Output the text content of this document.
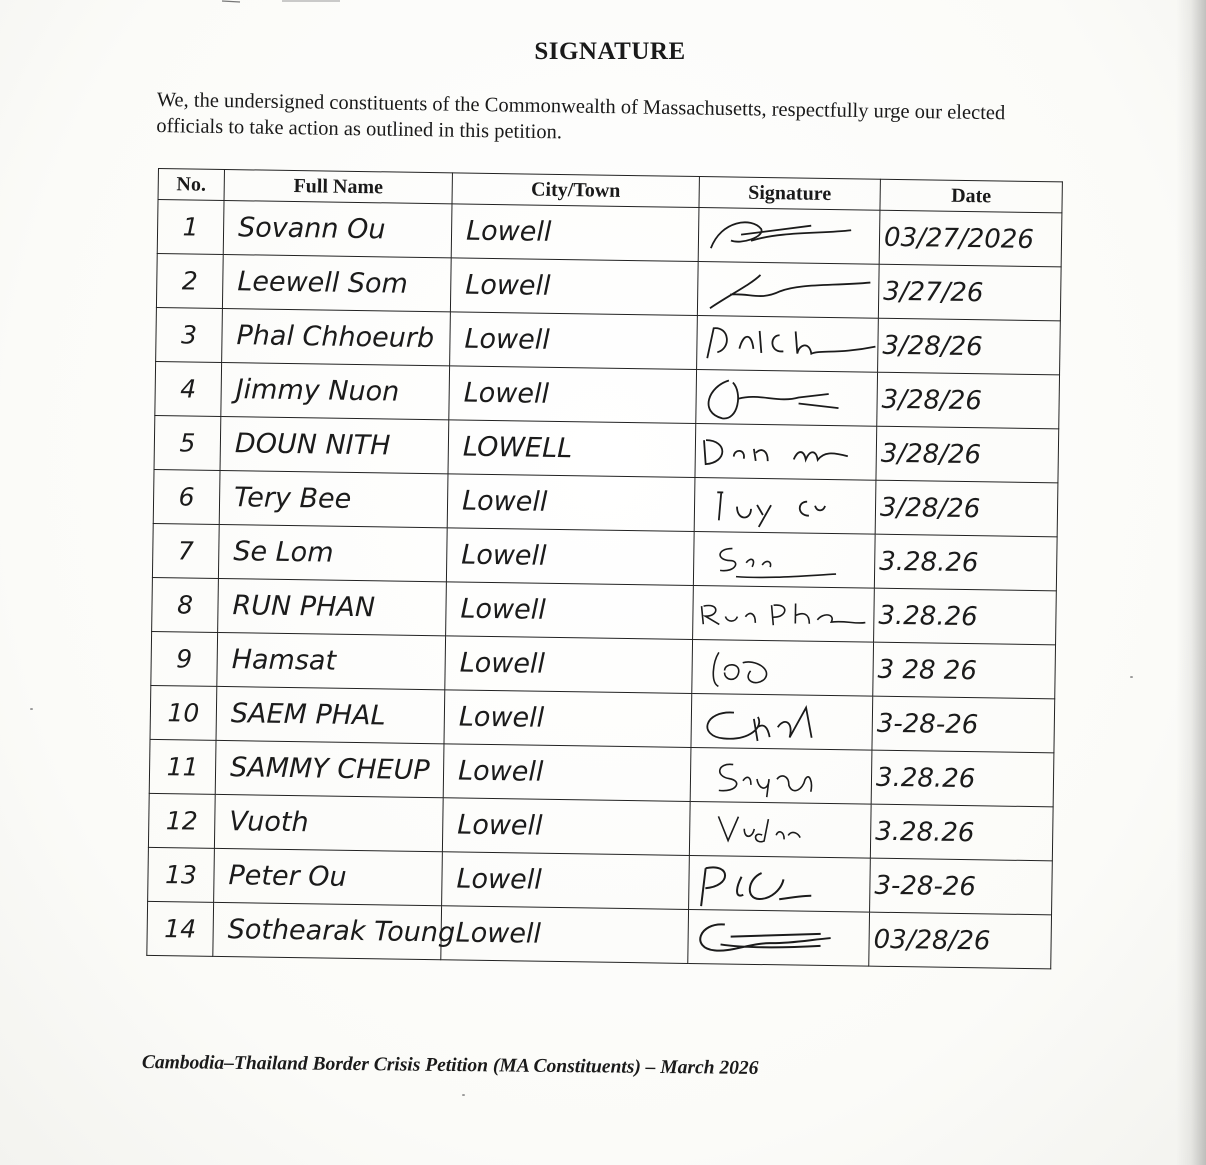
SIGNATURE
We, the undersigned constituents of the Commonwealth of Massachusetts, respectfully urge our elected officials to take action as outlined in this petition.
No.	Full Name	City/Town	Signature	Date
1	Sovann Ou	Lowell		03/27/2026
2	Leewell Som	Lowell		3/27/26
3	Phal Chhoeurb	Lowell		3/28/26
4	Jimmy Nuon	Lowell		3/28/26
5	DOUN NITH	LOWELL		3/28/26
6	Tery Bee	Lowell		3/28/26
7	Se Lom	Lowell		3.28.26
8	RUN PHAN	Lowell		3.28.26
9	Hamsat	Lowell		3 28 26
10	SAEM PHAL	Lowell		3-28-26
11	SAMMY CHEUP	Lowell		3.28.26
12	Vuoth	Lowell		3.28.26
13	Peter Ou	Lowell		3-28-26
14	Sothearak Toung	Lowell		03/28/26
Cambodia–Thailand Border Crisis Petition (MA Constituents) – March 2026
